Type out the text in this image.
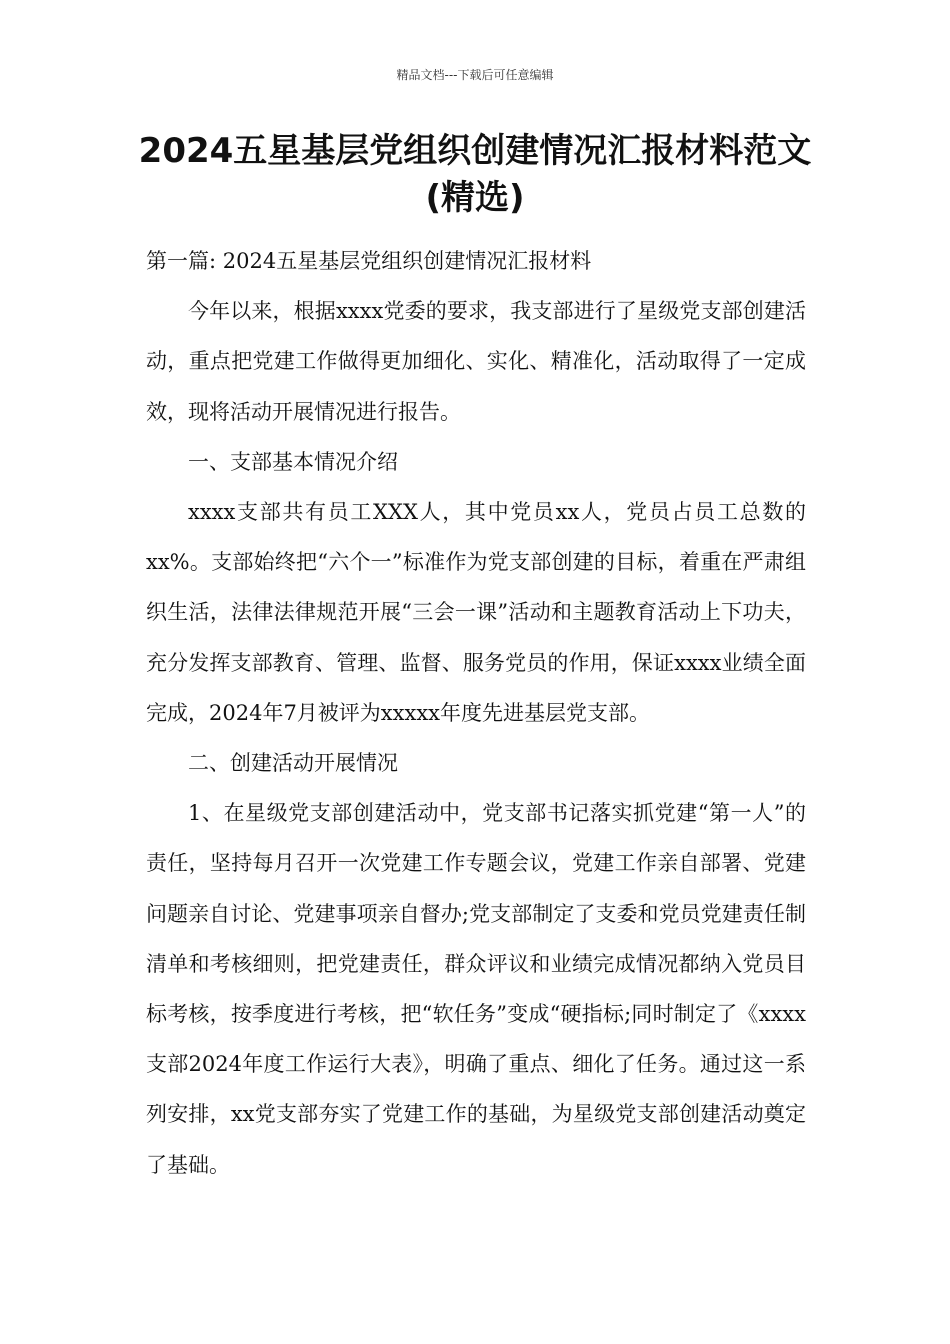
精品文档---下载后可任意编辑
2024五星基层党组织创建情况汇报材料范文(精选)

第一篇: 2024五星基层党组织创建情况汇报材料

今年以来，根据xxxx党委的要求，我支部进行了星级党支部创建活动，重点把党建工作做得更加细化、实化、精准化，活动取得了一定成效，现将活动开展情况进行报告。

一、支部基本情况介绍

xxxx支部共有员工XXX人，其中党员xx人，党员占员工总数的xx%。支部始终把“六个一”标准作为党支部创建的目标，着重在严肃组织生活，法律法律规范开展“三会一课”活动和主题教育活动上下功夫，充分发挥支部教育、管理、监督、服务党员的作用，保证xxxx业绩全面完成，2024年7月被评为xxxxx年度先进基层党支部。

二、创建活动开展情况

1、在星级党支部创建活动中，党支部书记落实抓党建“第一人”的责任，坚持每月召开一次党建工作专题会议，党建工作亲自部署、党建问题亲自讨论、党建事项亲自督办;党支部制定了支委和党员党建责任制清单和考核细则，把党建责任，群众评议和业绩完成情况都纳入党员目标考核，按季度进行考核，把“软任务”变成“硬指标;同时制定了《xxxx支部2024年度工作运行大表》，明确了重点、细化了任务。通过这一系列安排，xx党支部夯实了党建工作的基础，为星级党支部创建活动奠定了基础。
